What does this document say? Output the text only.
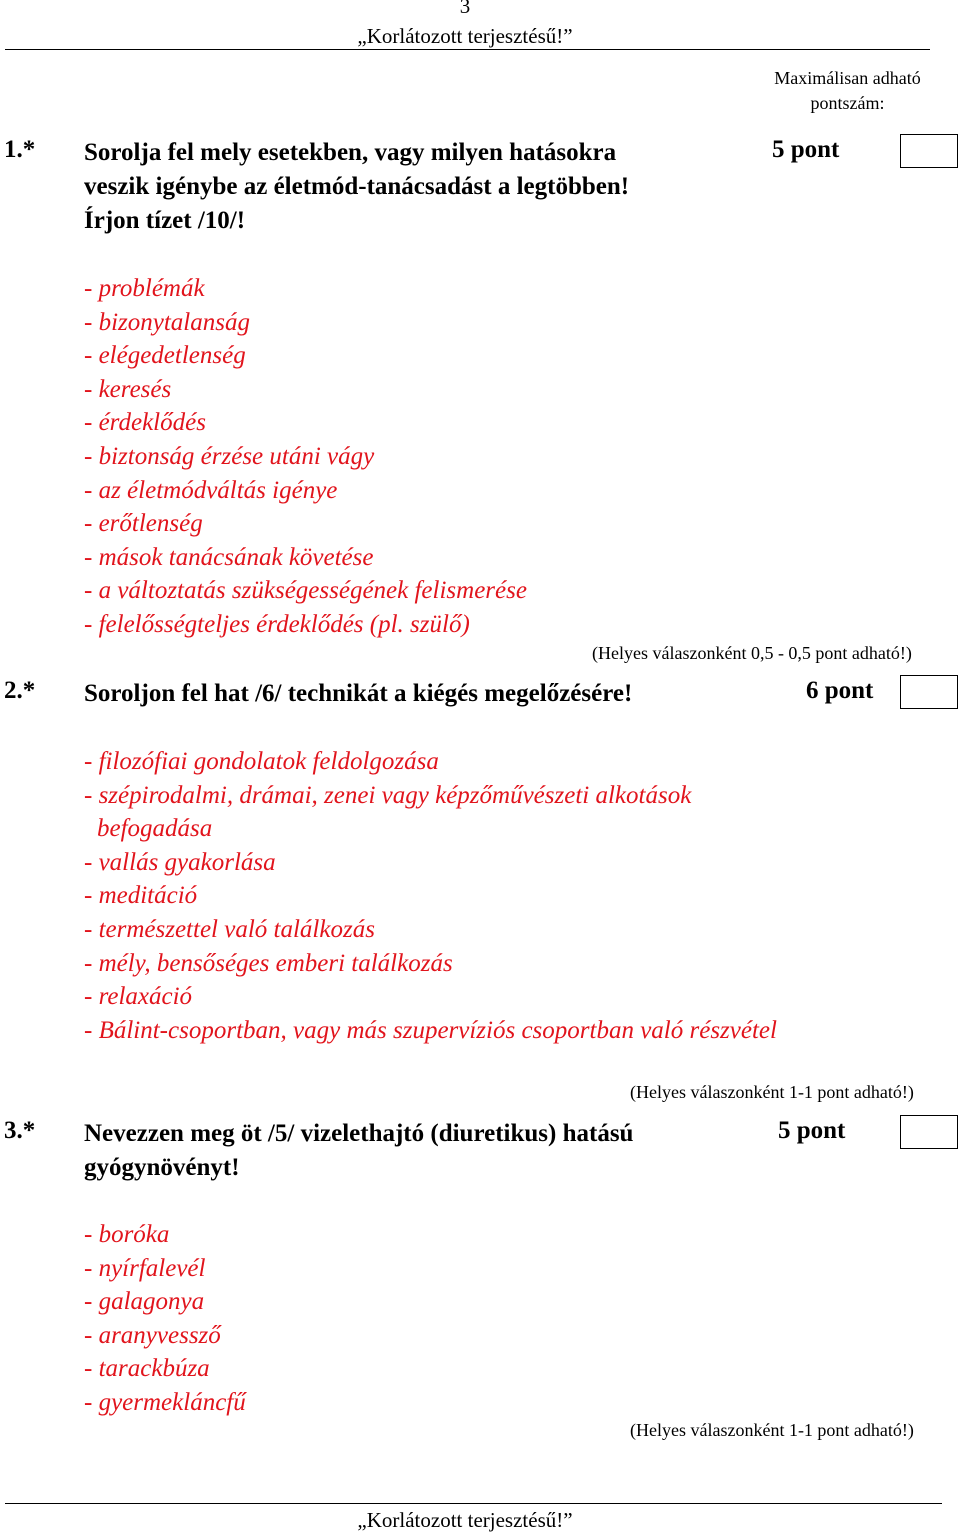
3
„Korlátozott terjesztésű!”
Maximálisan adható pontszám:
1.* Sorolja fel mely esetekben, vagy milyen hatásokra
veszik igénybe az életmód-tanácsadást a legtöbben!
Írjon tízet /10/!
5 pont
- problémák
- bizonytalanság
- elégedetlenség
- keresés
- érdeklődés
- biztonság érzése utáni vágy
- az életmódváltás igénye
- erőtlenség
- mások tanácsának követése
- a változtatás szükségességének felismerése
- felelősségteljes érdeklődés (pl. szülő)
(Helyes válaszonként 0,5 - 0,5 pont adható!)
2.* Soroljon fel hat /6/ technikát a kiégés megelőzésére!	6 pont
- filozófiai gondolatok feldolgozása
- szépirodalmi, drámai, zenei vagy képzőművészeti alkotások
befogadása
- vallás gyakorlása
- meditáció
- természettel való találkozás
- mély, bensőséges emberi találkozás
- relaxáció
- Bálint-csoportban, vagy más szupervíziós csoportban való részvétel
(Helyes válaszonként 1-1 pont adható!)
3.* Nevezzen meg öt /5/ vizelethajtó (diuretikus) hatású
gyógynövényt!
5 pont
- boróka
- nyírfalevél
- galagonya
- aranyvessző
- tarackbúza
- gyermekláncfű
(Helyes válaszonként 1-1 pont adható!)
„Korlátozott terjesztésű!”
